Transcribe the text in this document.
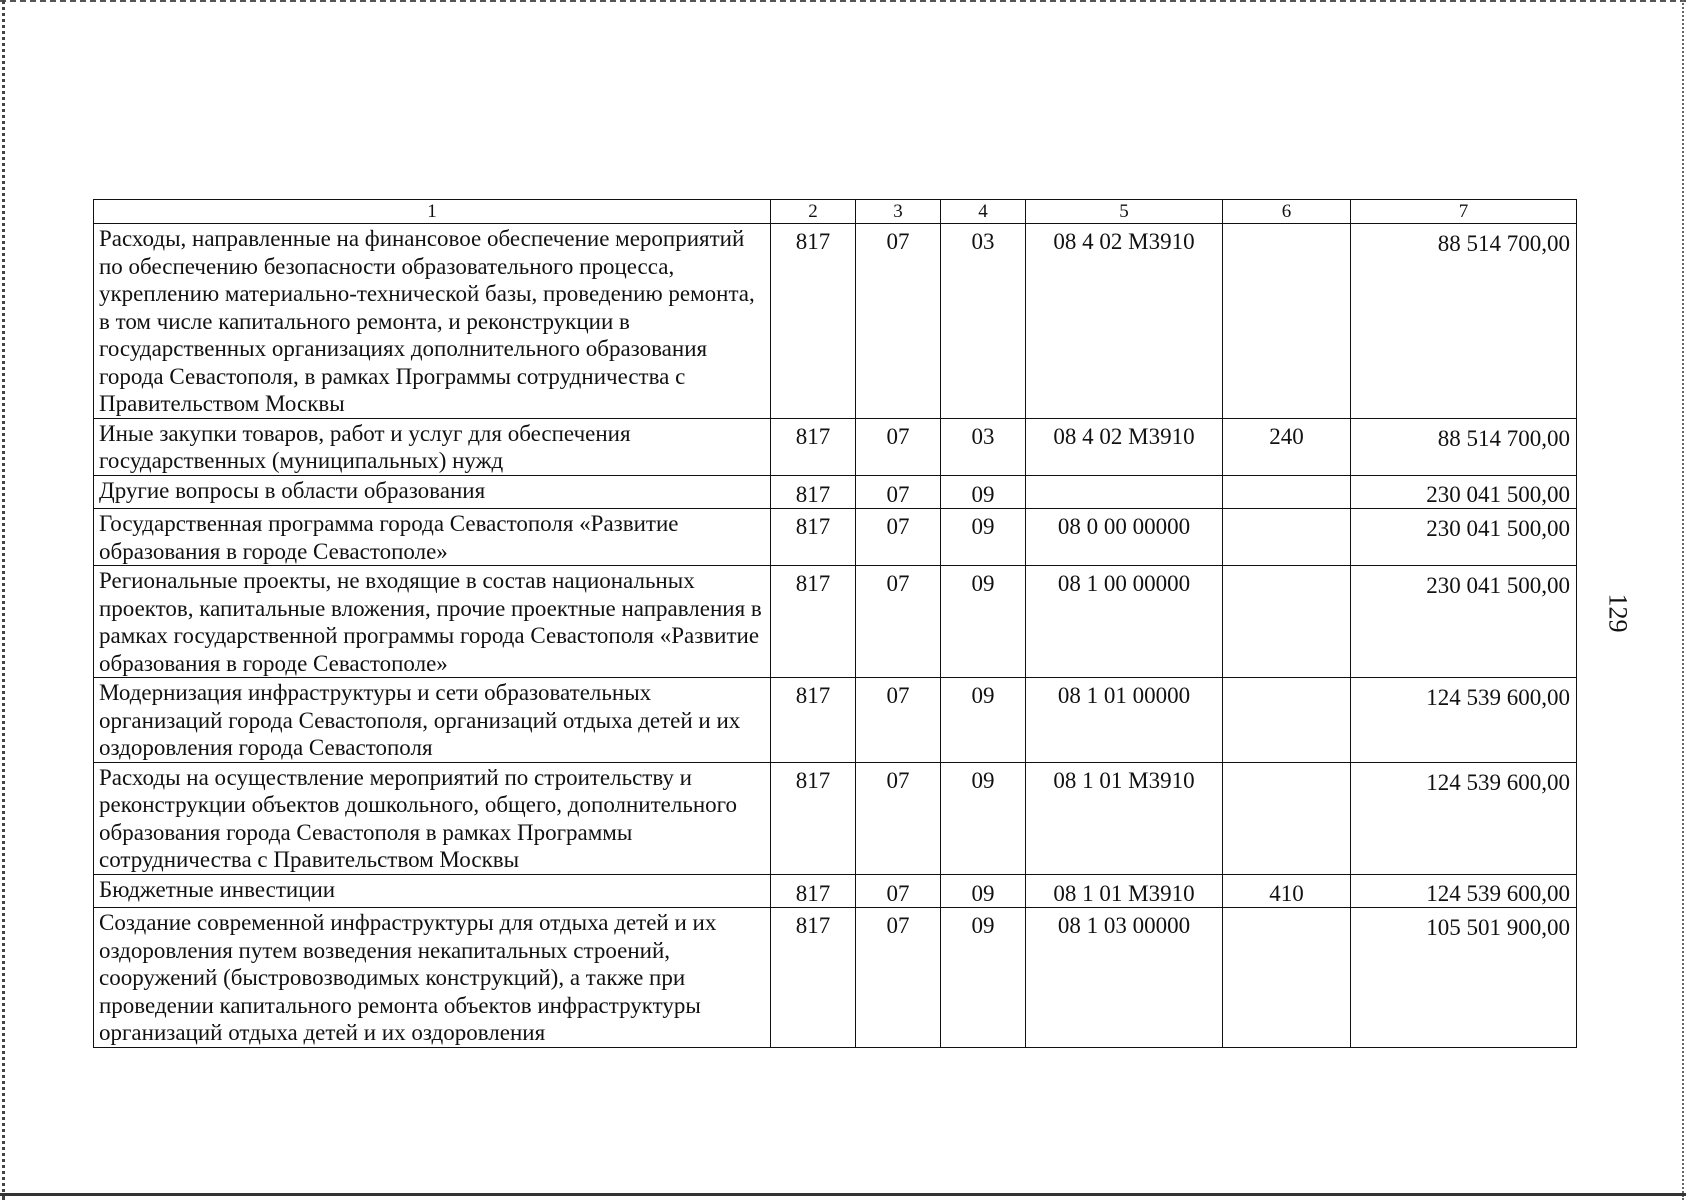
1	2	3	4	5	6	7
Расходы, направленные на финансовое обеспечение мероприятий по обеспечению безопасности образовательного процесса, укреплению материально-технической базы, проведению ремонта, в том числе капитального ремонта, и реконструкции в государственных организациях дополнительного образования города Севастополя, в рамках Программы сотрудничества с Правительством Москвы	817	07	03	08 4 02 М3910		88 514 700,00
Иные закупки товаров, работ и услуг для обеспечения государственных (муниципальных) нужд	817	07	03	08 4 02 М3910	240	88 514 700,00
Другие вопросы в области образования	817	07	09			230 041 500,00
Государственная программа города Севастополя «Развитие образования в городе Севастополе»	817	07	09	08 0 00 00000		230 041 500,00
Региональные проекты, не входящие в состав национальных проектов, капитальные вложения, прочие проектные направления в рамках государственной программы города Севастополя «Развитие образования в городе Севастополе»	817	07	09	08 1 00 00000		230 041 500,00
Модернизация инфраструктуры и сети образовательных организаций города Севастополя, организаций отдыха детей и их оздоровления города Севастополя	817	07	09	08 1 01 00000		124 539 600,00
Расходы на осуществление мероприятий по строительству и реконструкции объектов дошкольного, общего, дополнительного образования города Севастополя в рамках Программы сотрудничества с Правительством Москвы	817	07	09	08 1 01 М3910		124 539 600,00
Бюджетные инвестиции	817	07	09	08 1 01 М3910	410	124 539 600,00
Создание современной инфраструктуры для отдыха детей и их оздоровления путем возведения некапитальных строений, сооружений (быстровозводимых конструкций), а также при проведении капитального ремонта объектов инфраструктуры организаций отдыха детей и их оздоровления	817	07	09	08 1 03 00000		105 501 900,00
129
